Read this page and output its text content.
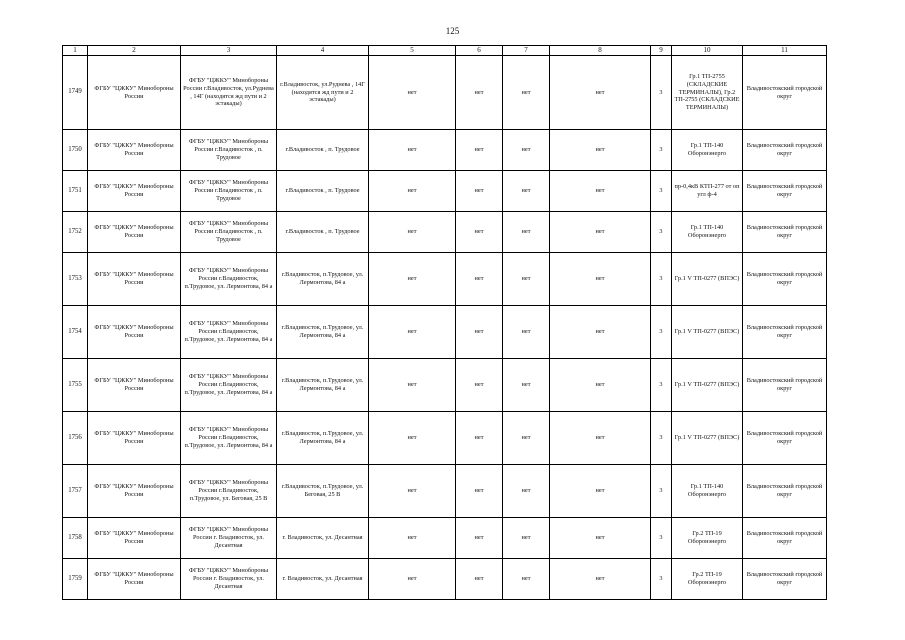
125
1	2	3	4	5	6	7	8	9	10	11
1749	ФГБУ "ЦЖКУ" Минобороны России	ФГБУ "ЦЖКУ" Минобороны России г.Владивосток, ул.Руднева , 14Г (находятся жд пути и 2 эстакады)	г.Владивосток, ул.Руднева , 14Г (находятся жд пути и 2 эстакады)	нет	нет	нет	нет	3	Гр.1 ТП-2755 (СКЛАДСКИЕ ТЕРМИНАЛЫ), Гр.2 ТП-2755 (СКЛАДСКИЕ ТЕРМИНАЛЫ)	Владивостокский городской округ
1750	ФГБУ "ЦЖКУ" Минобороны России	ФГБУ "ЦЖКУ" Минобороны России г.Владивосток , п. Трудовое	г.Владивосток , п. Трудовое	нет	нет	нет	нет	3	Гр.1 ТП-140 Оборонэнерго	Владивостокский городской округ
1751	ФГБУ "ЦЖКУ" Минобороны России	ФГБУ "ЦЖКУ" Минобороны России г.Владивосток , п. Трудовое	г.Владивосток , п. Трудовое	нет	нет	нет	нет	3	пр-0,4кВ КТП-277 от оп угл ф-4	Владивостокский городской округ
1752	ФГБУ "ЦЖКУ" Минобороны России	ФГБУ "ЦЖКУ" Минобороны России г.Владивосток , п. Трудовое	г.Владивосток , п. Трудовое	нет	нет	нет	нет	3	Гр.1 ТП-140 Оборонэнерго	Владивостокский городской округ
1753	ФГБУ "ЦЖКУ" Минобороны России	ФГБУ "ЦЖКУ" Минобороны России г.Владивосток, п.Трудовое, ул. Лермонтова, 84 а	г.Владивосток, п.Трудовое, ул. Лермонтова, 84 а	нет	нет	нет	нет	3	Гр.1 V ТП-0277 (ВПЭС)	Владивостокский городской округ
1754	ФГБУ "ЦЖКУ" Минобороны России	ФГБУ "ЦЖКУ" Минобороны России г.Владивосток, п.Трудовое, ул. Лермонтова, 84 а	г.Владивосток, п.Трудовое, ул. Лермонтова, 84 а	нет	нет	нет	нет	3	Гр.1 V ТП-0277 (ВПЭС)	Владивостокский городской округ
1755	ФГБУ "ЦЖКУ" Минобороны России	ФГБУ "ЦЖКУ" Минобороны России г.Владивосток, п.Трудовое, ул. Лермонтова, 84 а	г.Владивосток, п.Трудовое, ул. Лермонтова, 84 а	нет	нет	нет	нет	3	Гр.1 V ТП-0277 (ВПЭС)	Владивостокский городской округ
1756	ФГБУ "ЦЖКУ" Минобороны России	ФГБУ "ЦЖКУ" Минобороны России г.Владивосток, п.Трудовое, ул. Лермонтова, 84 а	г.Владивосток, п.Трудовое, ул. Лермонтова, 84 а	нет	нет	нет	нет	3	Гр.1 V ТП-0277 (ВПЭС)	Владивостокский городской округ
1757	ФГБУ "ЦЖКУ" Минобороны России	ФГБУ "ЦЖКУ" Минобороны России г.Владивосток, п.Трудовое, ул. Беговая, 25 В	г.Владивосток, п.Трудовое, ул. Беговая, 25 В	нет	нет	нет	нет	3	Гр.1 ТП-140 Оборонэнерго	Владивостокский городской округ
1758	ФГБУ "ЦЖКУ" Минобороны России	ФГБУ "ЦЖКУ" Минобороны России г. Владивосток, ул. Десантная	г. Владивосток, ул. Десантная	нет	нет	нет	нет	3	Гр.2 ТП-19 Оборонэнерго	Владивостокский городской округ
1759	ФГБУ "ЦЖКУ" Минобороны России	ФГБУ "ЦЖКУ" Минобороны России г. Владивосток, ул. Десантная	г. Владивосток, ул. Десантная	нет	нет	нет	нет	3	Гр.2 ТП-19 Оборонэнерго	Владивостокский городской округ
